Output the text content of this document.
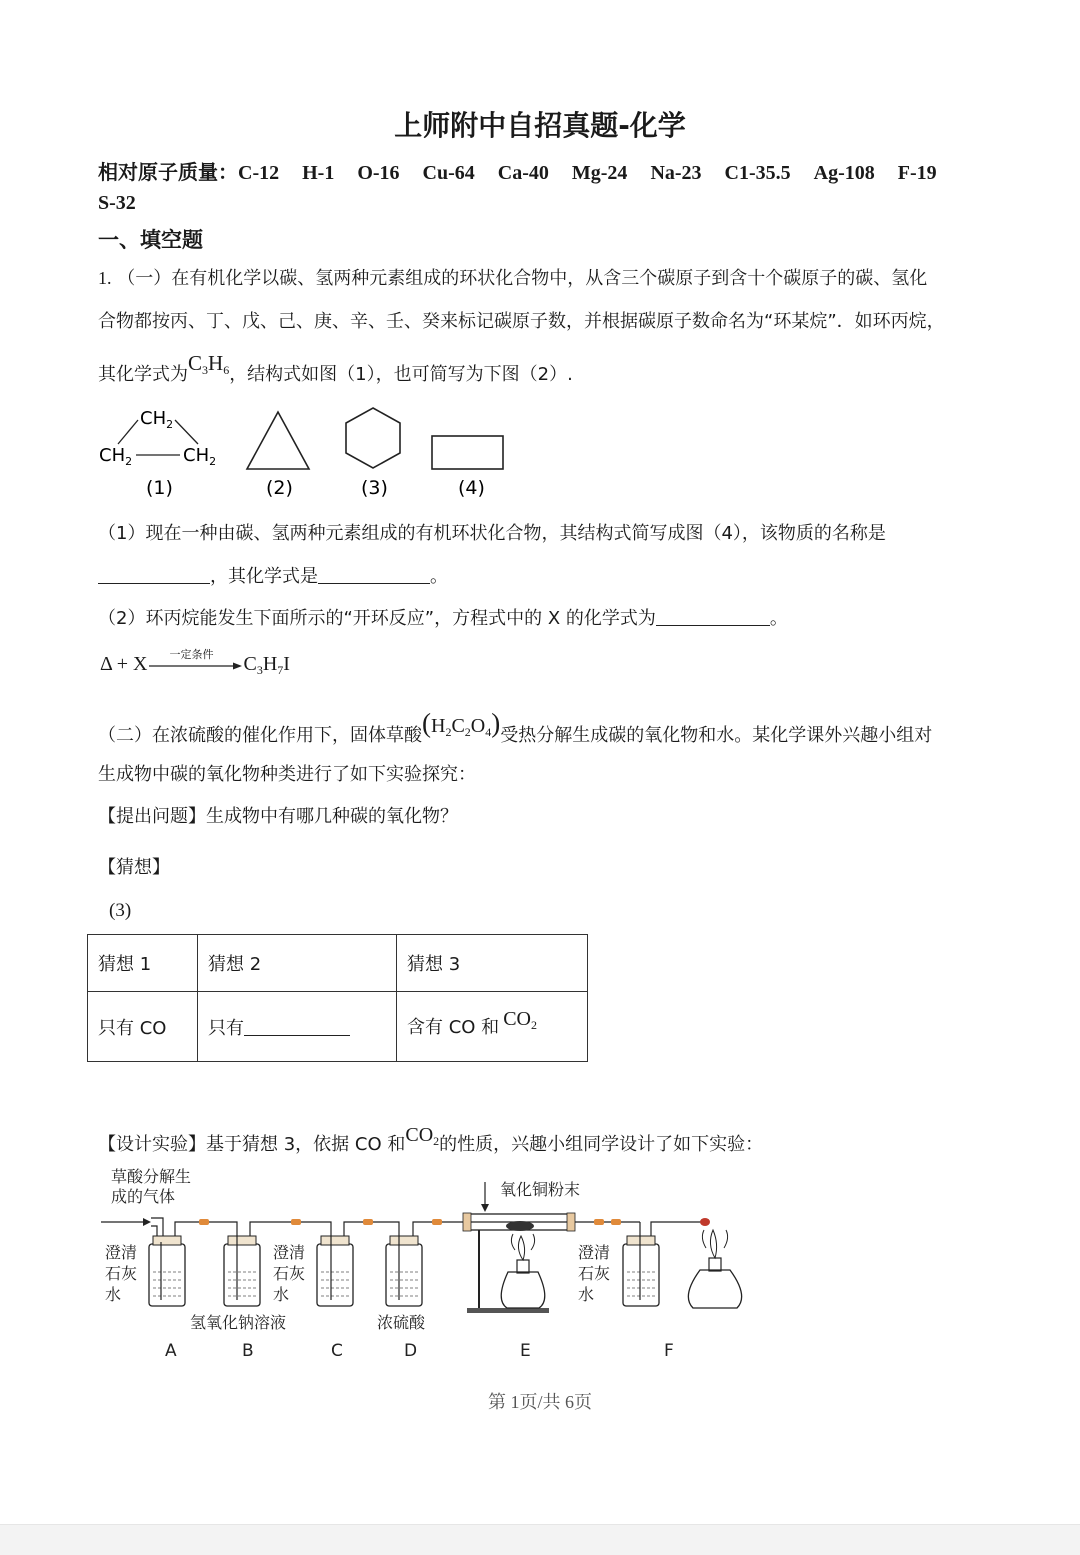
上师附中自招真题-化学
相对原子质量：C-12 H-1 O-16 Cu-64 Ca-40 Mg-24 Na-23 C1-35.5 Ag-108 F-19
S-32
一、填空题
1. （一）在有机化学以碳、氢两种元素组成的环状化合物中，从含三个碳原子到含十个碳原子的碳、氢化
合物都按丙、丁、戊、己、庚、辛、壬、癸来标记碳原子数，并根据碳原子数命名为“环某烷”．如环丙烷，
其化学式为$C_3H_6$，结构式如图（1），也可简写为下图（2）.
$CH_2$
$CH_2$	$CH_2$
(1)	(2)	(3)	(4)
（1）现在一种由碳、氢两种元素组成的有机环状化合物，其结构式简写成图（4），该物质的名称是
，其化学式是	。
（2）环丙烷能发生下面所示的“开环反应”，方程式中的 X 的化学式为	。
Δ + X 一定条件 $C_3H_7I$
（二）在浓硫酸的催化作用下，固体草酸$(H_2C_2O_4)$受热分解生成碳的氧化物和水。某化学课外兴趣小组对
生成物中碳的氧化物种类进行了如下实验探究：
【提出问题】生成物中有哪几种碳的氧化物？
【猜想】
(3)
猜想 1	猜想 2	猜想 3
只有 CO	只有	含有 CO 和 $CO_2$
【设计实验】基于猜想 3，依据 CO 和$CO_2$的性质，兴趣小组同学设计了如下实验：
草酸分解生
成的气体	氧化铜粉末
澄清
石灰
水
澄清
石灰
水
澄清
石灰
水
氢氧化钠溶液	浓硫酸
A	B	C	D	E	F
第 1页/共 6页
